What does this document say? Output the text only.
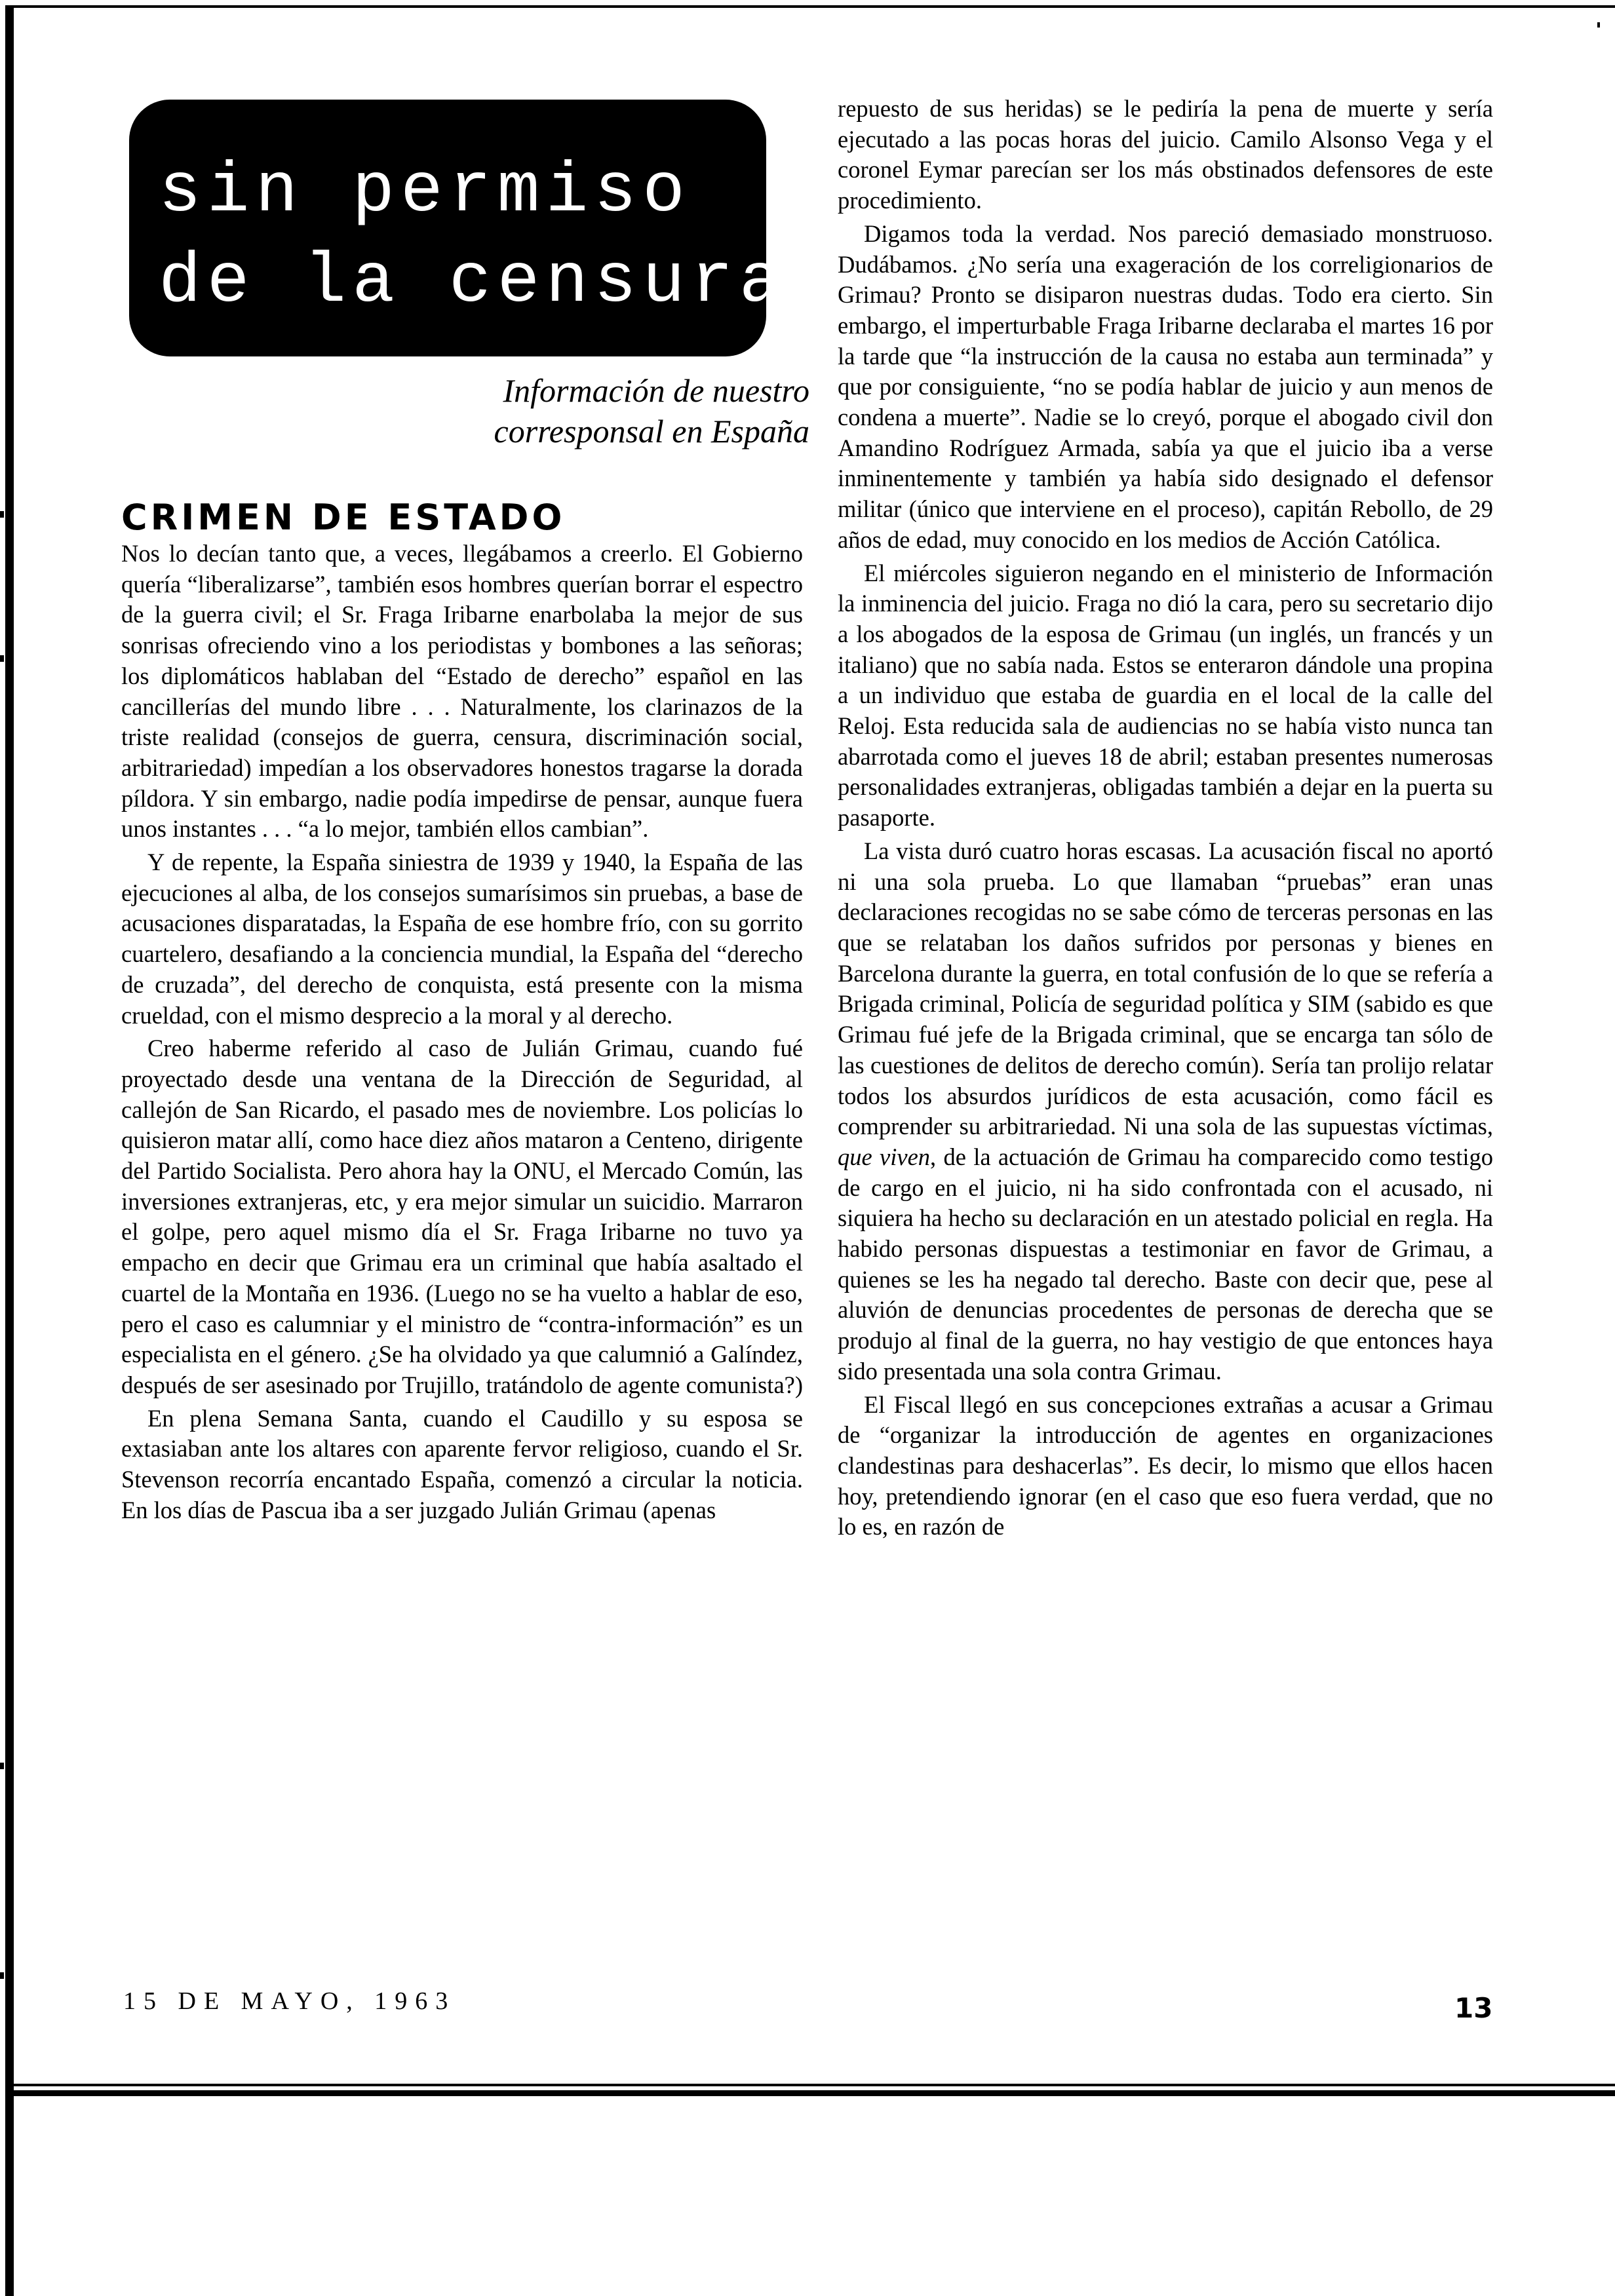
sin permiso
de la censura
Información de nuestro
corresponsal en España
CRIMEN DE ESTADO

Nos lo decían tanto que, a veces, llegábamos a creerlo. El Gobierno quería “liberalizarse”, también esos hombres querían borrar el espectro de la guerra civil; el Sr. Fraga Iribarne enarbolaba la mejor de sus sonrisas ofreciendo vino a los periodistas y bombones a las señoras; los diplomáticos hablaban del “Estado de derecho” español en las cancillerías del mundo libre . . . Naturalmente, los clarinazos de la triste realidad (consejos de guerra, censura, discriminación social, arbitrariedad) impedían a los observadores honestos tragarse la dorada píldora. Y sin embargo, nadie podía impedirse de pensar, aunque fuera unos instantes . . . “a lo mejor, también ellos cambian”.

Y de repente, la España siniestra de 1939 y 1940, la España de las ejecuciones al alba, de los consejos sumarísimos sin pruebas, a base de acusaciones disparatadas, la España de ese hombre frío, con su gorrito cuartelero, desafiando a la conciencia mundial, la España del “derecho de cruzada”, del derecho de conquista, está presente con la misma crueldad, con el mismo desprecio a la moral y al derecho.

Creo haberme referido al caso de Julián Grimau, cuando fué proyectado desde una ventana de la Dirección de Seguridad, al callejón de San Ricardo, el pasado mes de noviembre. Los policías lo quisieron matar allí, como hace diez años mataron a Centeno, dirigente del Partido Socialista. Pero ahora hay la ONU, el Mercado Común, las inversiones extranjeras, etc, y era mejor simular un suicidio. Marraron el golpe, pero aquel mismo día el Sr. Fraga Iribarne no tuvo ya empacho en decir que Grimau era un criminal que había asaltado el cuartel de la Montaña en 1936. (Luego no se ha vuelto a hablar de eso, pero el caso es calumniar y el ministro de “contra-información” es un especialista en el género. ¿Se ha olvidado ya que calumnió a Galíndez, después de ser asesinado por Trujillo, tratándolo de agente comunista?)

En plena Semana Santa, cuando el Caudillo y su esposa se extasiaban ante los altares con aparente fervor religioso, cuando el Sr. Stevenson recorría encantado España, comenzó a circular la noticia. En los días de Pascua iba a ser juzgado Julián Grimau (apenas

repuesto de sus heridas) se le pediría la pena de muerte y sería ejecutado a las pocas horas del juicio. Camilo Alsonso Vega y el coronel Eymar parecían ser los más obstinados defensores de este procedimiento.

Digamos toda la verdad. Nos pareció demasiado monstruoso. Dudábamos. ¿No sería una exageración de los correligionarios de Grimau? Pronto se disiparon nuestras dudas. Todo era cierto. Sin embargo, el imperturbable Fraga Iribarne declaraba el martes 16 por la tarde que “la instrucción de la causa no estaba aun terminada” y que por consiguiente, “no se podía hablar de juicio y aun menos de condena a muerte”. Nadie se lo creyó, porque el abogado civil don Amandino Rodríguez Armada, sabía ya que el juicio iba a verse inminentemente y también ya había sido designado el defensor militar (único que interviene en el proceso), capitán Rebollo, de 29 años de edad, muy conocido en los medios de Acción Católica.

El miércoles siguieron negando en el ministerio de Información la inminencia del juicio. Fraga no dió la cara, pero su secretario dijo a los abogados de la esposa de Grimau (un inglés, un francés y un italiano) que no sabía nada. Estos se enteraron dándole una propina a un individuo que estaba de guardia en el local de la calle del Reloj. Esta reducida sala de audiencias no se había visto nunca tan abarrotada como el jueves 18 de abril; estaban presentes numerosas personalidades extranjeras, obligadas también a dejar en la puerta su pasaporte.

La vista duró cuatro horas escasas. La acusación fiscal no aportó ni una sola prueba. Lo que llamaban “pruebas” eran unas declaraciones recogidas no se sabe cómo de terceras personas en las que se relataban los daños sufridos por personas y bienes en Barcelona durante la guerra, en total confusión de lo que se refería a Brigada criminal, Policía de seguridad política y SIM (sabido es que Grimau fué jefe de la Brigada criminal, que se encarga tan sólo de las cuestiones de delitos de derecho común). Sería tan prolijo relatar todos los absurdos jurídicos de esta acusación, como fácil es comprender su arbitrariedad. Ni una sola de las supuestas víctimas, que viven, de la actuación de Grimau ha comparecido como testigo de cargo en el juicio, ni ha sido confrontada con el acusado, ni siquiera ha hecho su declaración en un atestado policial en regla. Ha habido personas dispuestas a testimoniar en favor de Grimau, a quienes se les ha negado tal derecho. Baste con decir que, pese al aluvión de denuncias procedentes de personas de derecha que se produjo al final de la guerra, no hay vestigio de que entonces haya sido presentada una sola contra Grimau.

El Fiscal llegó en sus concepciones extrañas a acusar a Grimau de “organizar la introducción de agentes en organizaciones clandestinas para deshacerlas”. Es decir, lo mismo que ellos hacen hoy, pretendiendo ignorar (en el caso que eso fuera verdad, que no lo es, en razón de

15 DE MAYO, 1963	13
